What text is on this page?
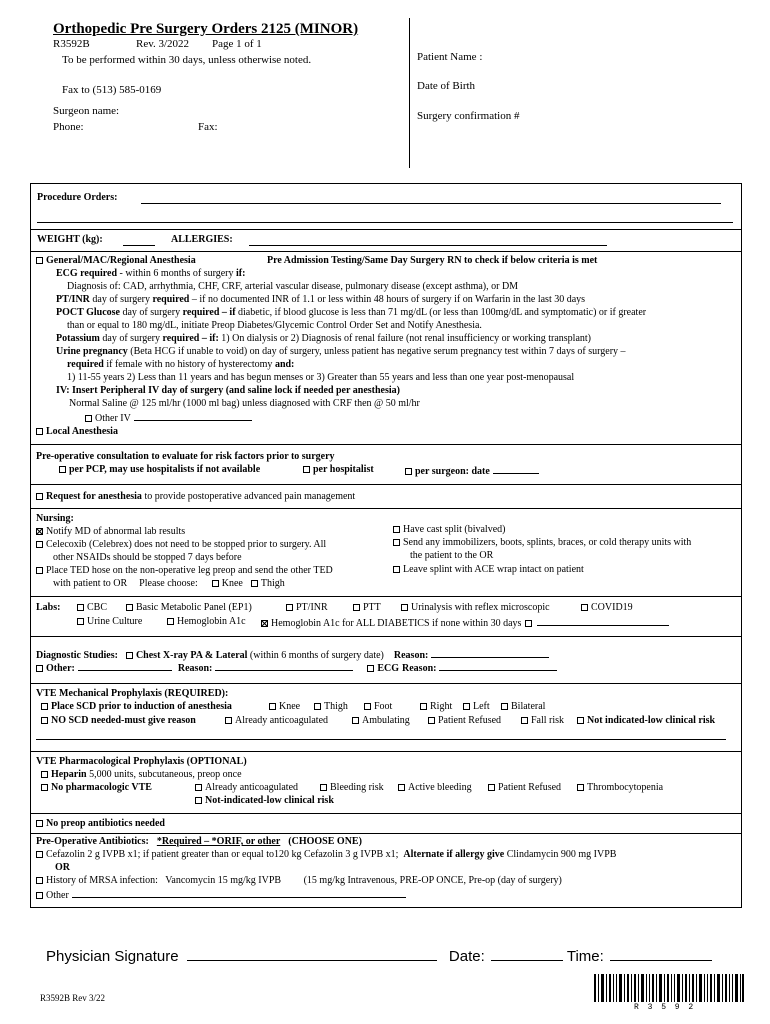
Orthopedic Pre Surgery Orders 2125 (MINOR)
R3592B	Rev. 3/2022 Page 1 of 1
To be performed within 30 days, unless otherwise noted.
Fax to (513) 585-0169
Surgeon name:
Phone:	Fax:
Patient Name :
Date of Birth
Surgery confirmation #
Procedure Orders:
WEIGHT (kg):	ALLERGIES:
General/MAC/Regional Anesthesia	Pre Admission Testing/Same Day Surgery RN to check if below criteria is met
ECG required - within 6 months of surgery if:
Diagnosis of: CAD, arrhythmia, CHF, CRF, arterial vascular disease, pulmonary disease (except asthma), or DM
PT/INR day of surgery required – if no documented INR of 1.1 or less within 48 hours of surgery if on Warfarin in the last 30 days
POCT Glucose day of surgery required – if diabetic, if blood glucose is less than 71 mg/dL (or less than 100mg/dL and symptomatic) or if greater
than or equal to 180 mg/dL, initiate Preop Diabetes/Glycemic Control Order Set and Notify Anesthesia.
Potassium day of surgery required – if: 1) On dialysis or 2) Diagnosis of renal failure (not renal insufficiency or working transplant)
Urine pregnancy (Beta HCG if unable to void) on day of surgery, unless patient has negative serum pregnancy test within 7 days of surgery –
required if female with no history of hysterectomy and:
1) 11-55 years 2) Less than 11 years and has begun menses or 3) Greater than 55 years and less than one year post-menopausal
IV: Insert Peripheral IV day of surgery (and saline lock if needed per anesthesia)
Normal Saline @ 125 ml/hr (1000 ml bag) unless diagnosed with CRF then @ 50 ml/hr
Other IV
Local Anesthesia
Pre-operative consultation to evaluate for risk factors prior to surgery
per PCP, may use hospitalists if not available	per hospitalist	per surgeon: date
Request for anesthesia to provide postoperative advanced pain management
Nursing:
Notify MD of abnormal lab results
Celecoxib (Celebrex) does not need to be stopped prior to surgery. All
other NSAIDs should be stopped 7 days before
Place TED hose on the non-operative leg preop and send the other TED
with patient to OR Please choose: Knee Thigh
Have cast split (bivalved)
Send any immobilizers, boots, splints, braces, or cold therapy units with
the patient to the OR
Leave splint with ACE wrap intact on patient
Labs:	CBC	Basic Metabolic Panel (EP1)	PT/INR	PTT	Urinalysis with reflex microscopic	COVID19
Urine Culture	Hemoglobin A1c	Hemoglobin A1c for ALL DIABETICS if none within 30 days
Diagnostic Studies: Chest X-ray PA & Lateral (within 6 months of surgery date) Reason:
Other:	Reason:	ECG Reason:
VTE Mechanical Prophylaxis (REQUIRED):
Place SCD prior to induction of anesthesia	Knee	Thigh	Foot	Right	Left	Bilateral
NO SCD needed-must give reason	Already anticoagulated	Ambulating	Patient Refused	Fall risk	Not indicated-low clinical risk
VTE Pharmacological Prophylaxis (OPTIONAL)
Heparin 5,000 units, subcutaneous, preop once
No pharmacologic VTE	Already anticoagulated	Bleeding risk	Active bleeding	Patient Refused	Thrombocytopenia
Not-indicated-low clinical risk
No preop antibiotics needed
Pre-Operative Antibiotics: *Required – *ORIF, or other (CHOOSE ONE)
Cefazolin 2 g IVPB x1; if patient greater than or equal to120 kg Cefazolin 3 g IVPB x1; Alternate if allergy give Clindamycin 900 mg IVPB
OR
History of MRSA infection:   Vancomycin 15 mg/kg IVPB         (15 mg/kg Intravenous, PRE-OP ONCE, Pre-op (day of surgery)
Other
Physician Signature	Date:	Time:
R3592B Rev 3/22
R 3 5 9 2
